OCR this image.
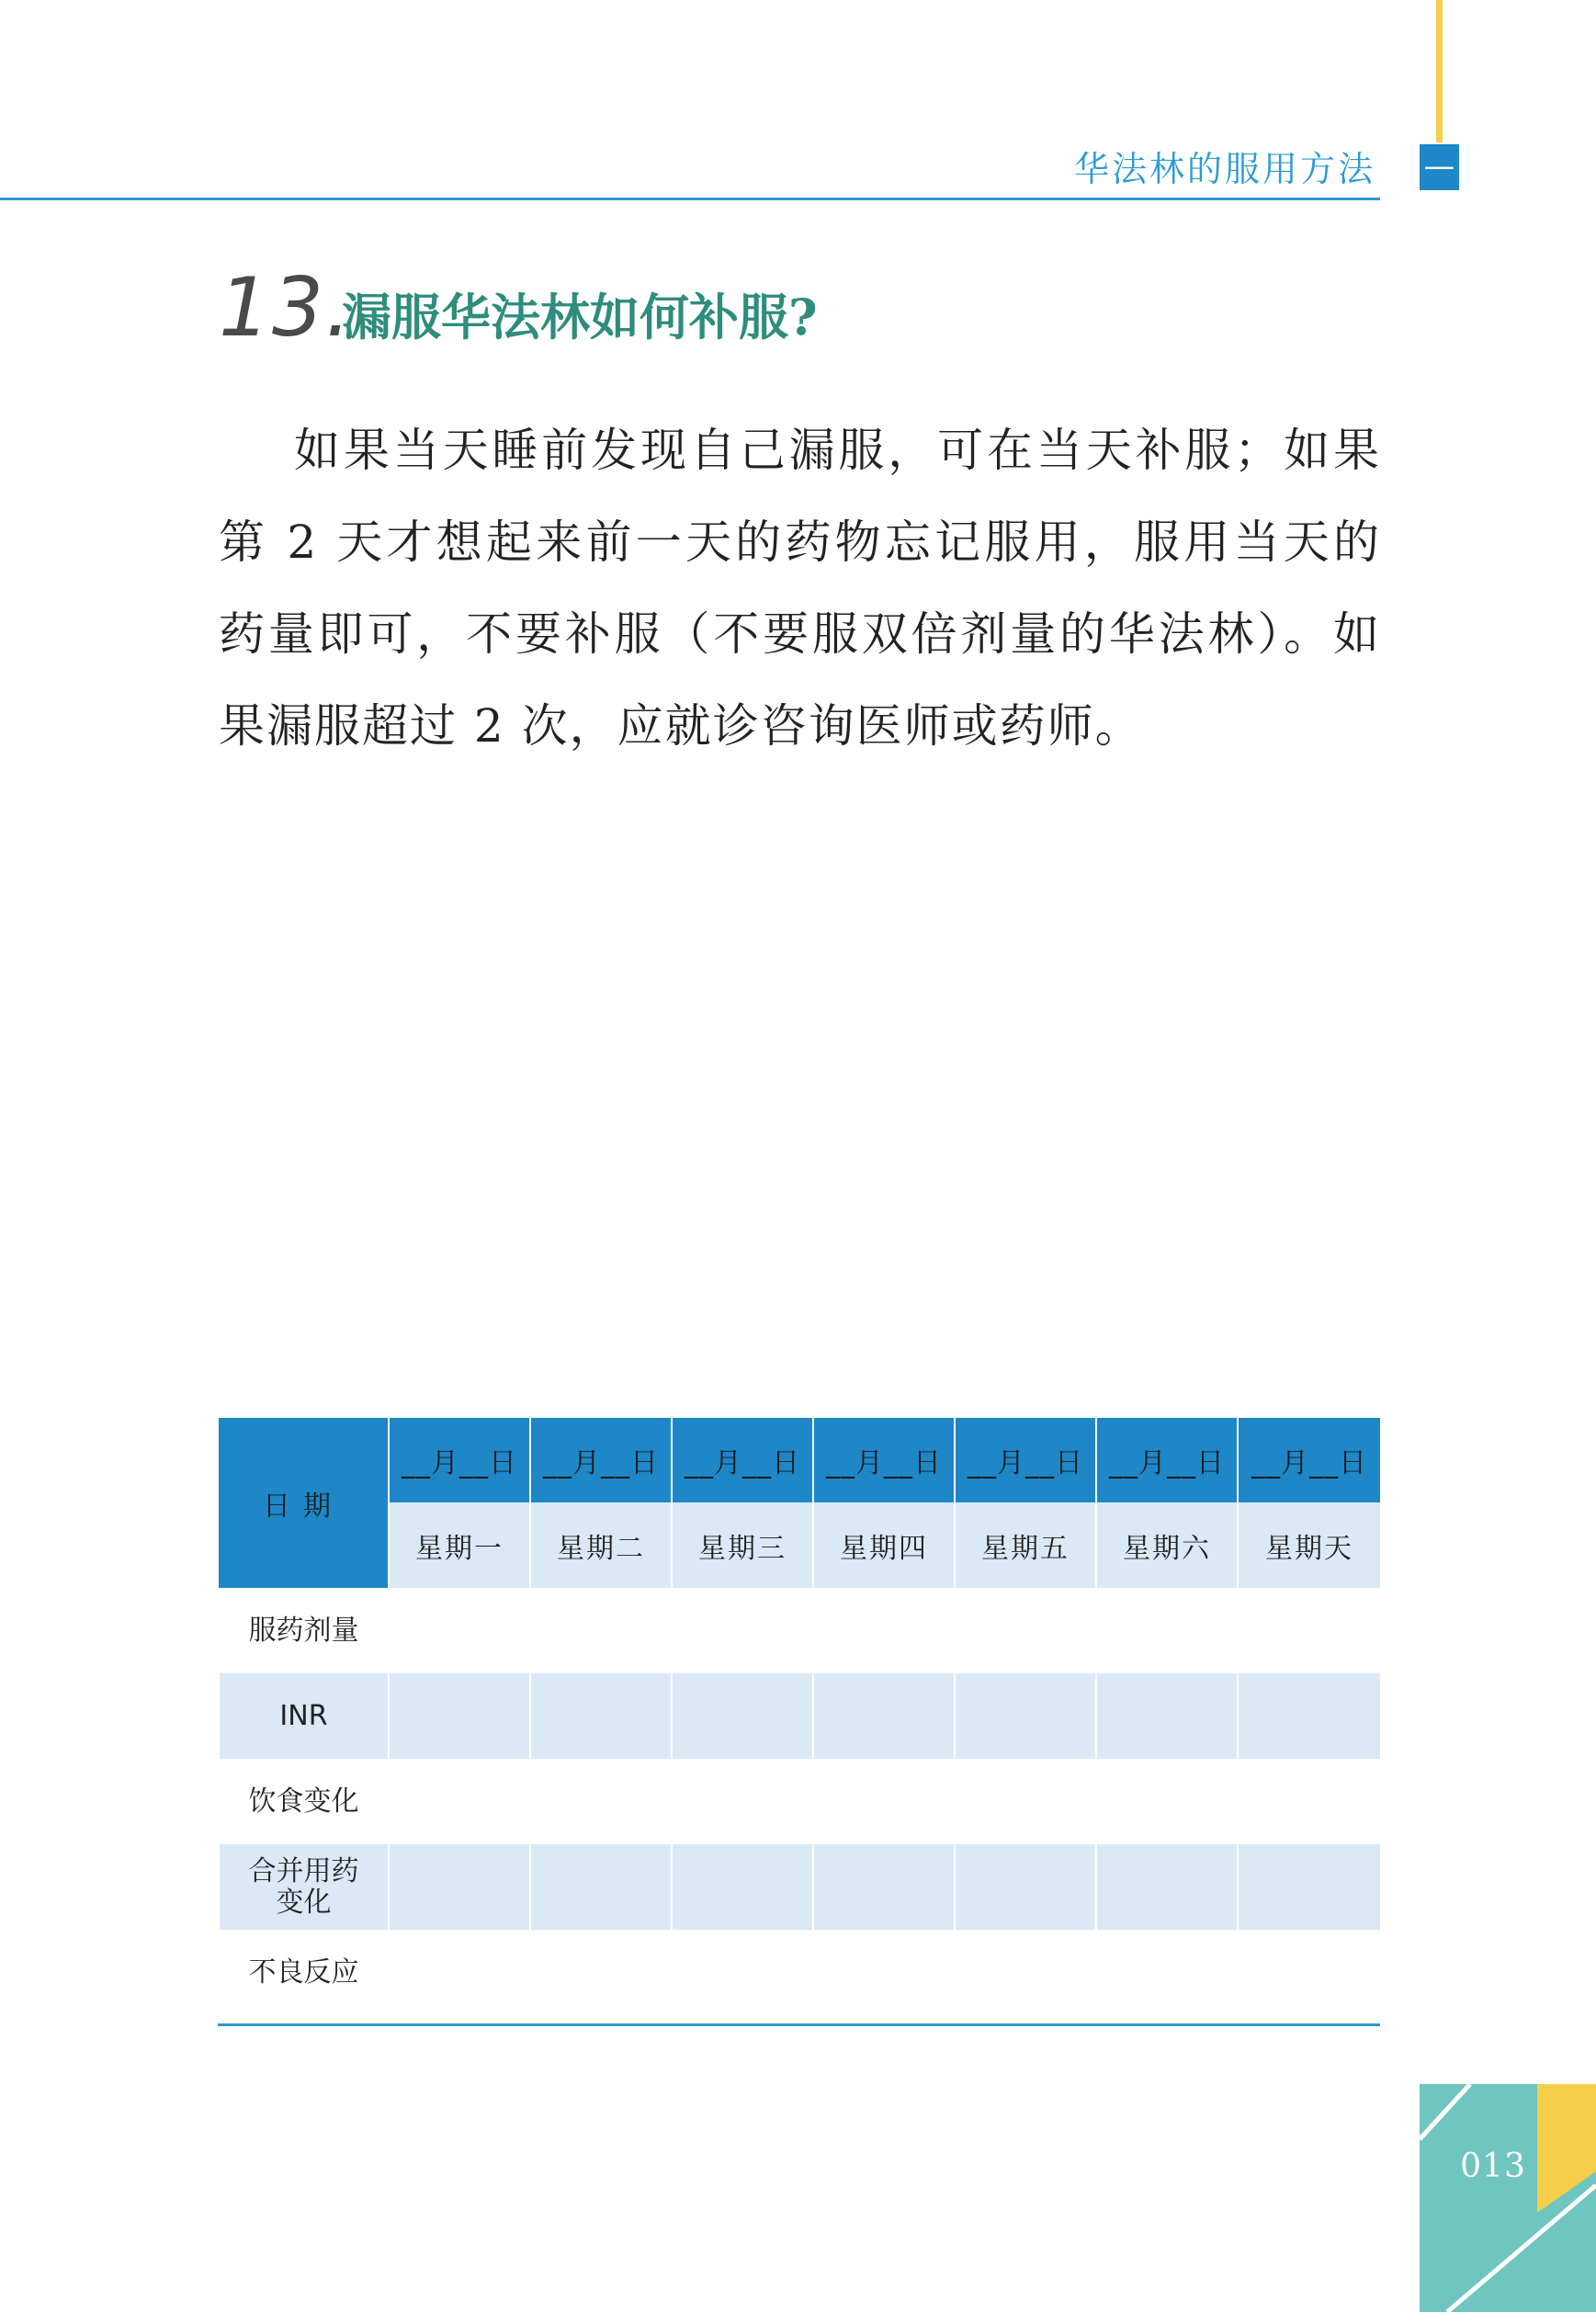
华法林的服用方法 —
13.
漏服华法林如何补服?
如果当天睡前发现自己漏服，可在当天补服；如果第 2 天才想起来前一天的药物忘记服用，服用当天的药量即可，不要补服（不要服双倍剂量的华法林）。如果漏服超过 2 次，应就诊咨询医师或药师。
日期	__月__日	__月__日	__月__日	__月__日	__月__日	__月__日	__月__日
	星期一	星期二	星期三	星期四	星期五	星期六	星期天
服药剂量							
INR							
饮食变化							

合并用药变化							

不良反应							
013
